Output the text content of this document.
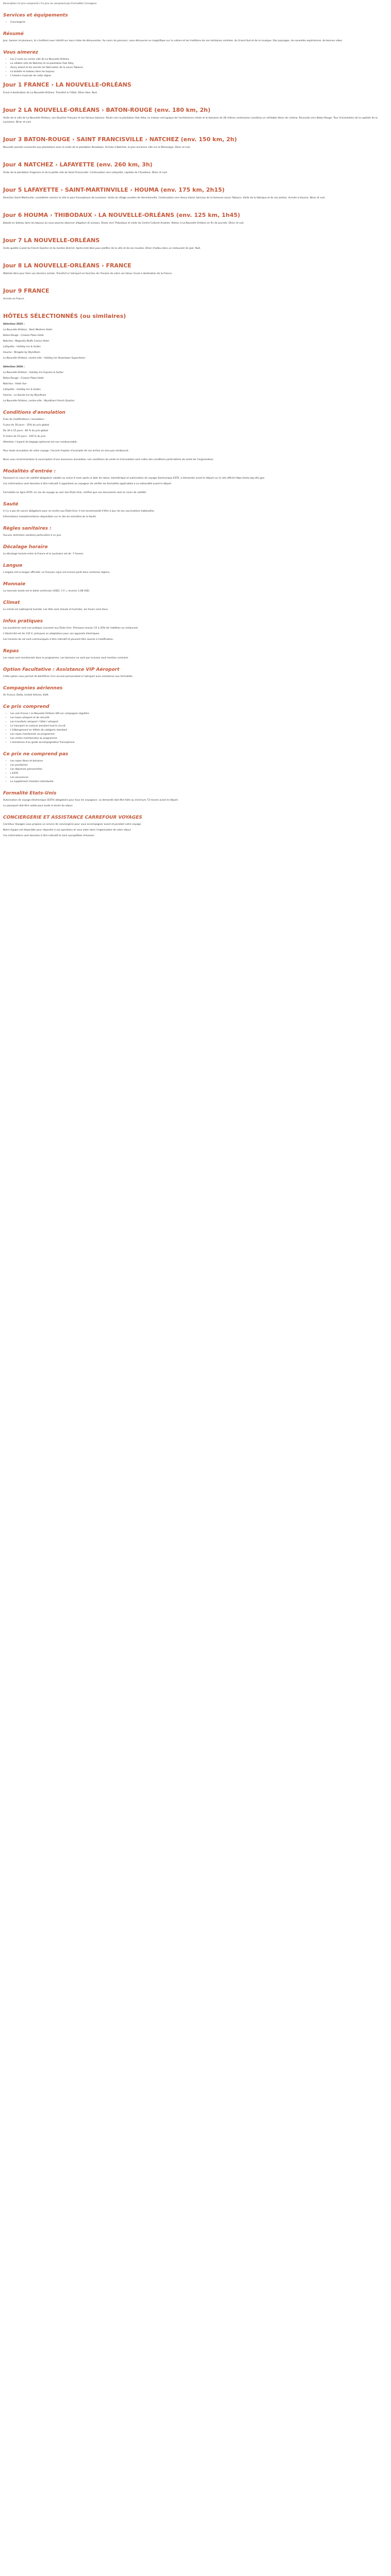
Description Ce prix comprend / Ce prix ne comprend pas Formalités Consignes
Services et équipements
• Conciergerie
Résumé
Jour, baisser et plusieurs, ils s'arrêtent avec intérêt sur leurs miles de découvertes. Au cours du parcours, vous découvrez un magnifique sur la culture et les traditions de ces lointaines contrées, du Grand Sud et de la musique. Des paysages, de nouvelles expériences, de bonnes vibes.
Vous aimerez
• Les 2 nuits au centre ville de La Nouvelle-Orléans
• La célèbre ville de Natchez et sa plantation Oak Alley
• Avery Island et les secrets de fabrication de la sauce Tabasco
• La balade en bateau dans les bayous
• L'histoire musicale de cette région
Jour 1 FRANCE › LA NOUVELLE-ORLÉANS
Envol à destination de La Nouvelle-Orléans. Transfert à l'hôtel. Dîner libre. Nuit.
Jour 2 LA NOUVELLE-ORLÉANS › BATON-ROUGE (env. 180 km, 2h)
Visite de la ville de La Nouvelle-Orléans, son Quartier Français et ses fameux balcons. Route vers la plantation Oak Alley. La maison est typique de l'architecture créole et le domaine de 28 chênes centenaires constitue un véritable décor de cinéma. Poursuite vers Baton-Rouge. Tour d'orientation de la capitale de la Louisiane. Dîner et nuit.
Jour 3 BATON-ROUGE › SAINT FRANCISVILLE › NATCHEZ (env. 150 km, 2h)
Nouvelle journée consacrée aux plantations avec la visite de la plantation Rosedown. Arrivée à Natchez, la plus ancienne ville sur le Mississippi. Dîner et nuit.
Jour 4 NATCHEZ › LAFAYETTE (env. 260 km, 3h)
Visite de la plantation Frogmore et de la petite ville de Saint Francisville. Continuation vers Lafayette, capitale de l'Acadiana. Dîner et nuit.
Jour 5 LAFAYETTE › SAINT-MARTINVILLE › HOUMA (env. 175 km, 2h15)
Direction Saint-Martinville, considérée comme la ville la plus francophone de Louisiane. Visite du village acadien de Vermilionville. Continuation vers Avery Island, berceau de la fameuse sauce Tabasco. Visite de la fabrique et de ses jardins. Arrivée à Houma. Dîner et nuit.
Jour 6 HOUMA › THIBODAUX › LA NOUVELLE-ORLÉANS (env. 125 km, 1h45)
Balade en bateau dans les bayous où vous pourrez observer alligators et oiseaux. Route vers Thibodaux et visite du Centre Culturel Acadien. Retour à La Nouvelle-Orléans en fin de journée. Dîner et nuit.
Jour 7 LA NOUVELLE-ORLÉANS
Visite guidée à pied du French Quarter et du Garden District. Après-midi libre pour profiter de la ville et de ses musées. Dîner d'adieu dans un restaurant de jazz. Nuit.
Jour 8 LA NOUVELLE-ORLÉANS › FRANCE
Matinée libre pour faire vos derniers achats. Transfert à l'aéroport en fonction de l'horaire de votre vol retour. Envol à destination de la France.
Jour 9 FRANCE
Arrivée en France.
HÔTELS SÉLECTIONNÉS (ou similaires)
Sélection 2025 :
La Nouvelle-Orléans : Best Western Hotel
Baton-Rouge : Crowne Plaza Hotel
Natchez : Magnolia Bluffs Casino Hotel
Lafayette : Holiday Inn & Suites
Houma : Wingate by Wyndham
La Nouvelle-Orléans, centre-ville : Holiday Inn Downtown Superdome
Sélection 2026 :
La Nouvelle-Orléans : Holiday Inn Express & Suites
Baton-Rouge : Crowne Plaza Hotel
Natchez : Hotel Vue
Lafayette : Holiday Inn & Suites
Houma : La Quinta Inn by Wyndham
La Nouvelle-Orléans, centre-ville : Wyndham French Quarter
Conditions d'annulation
Frais de modifications / annulation :
À plus de 30 jours : 35% du prix global
De 30 à 15 jours : 60 % du prix global
À moins de 15 jours : 100 % du prix
Attention, l'aspect de bagage optionnel est non remboursable.
Pour toute annulation de votre voyage, l'accord d'option d'acompte de vos arrhes ne sera pas remboursé.
Nous vous recommandons la souscription d'une assurance annulation. Les conditions de vente et d'annulation sont celles des conditions particulières de vente de l'organisateur.
Modalités d'entrée :
Passeport en cours de validité obligatoire valable au moins 6 mois après la date de retour, biométrique et autorisation de voyage électronique ESTA, à demander avant le départ sur le site officiel https://esta.cbp.dhs.gov.
Ces informations sont données à titre indicatif. Il appartient au voyageur de vérifier les formalités applicables à sa nationalité avant le départ.
Formalités en ligne ESTA: en cas de voyage au sein des États-Unis, vérifiez que vos documents sont en cours de validité.
Sauté
Il n'y a pas de vaccin obligatoire pour se rendre aux États-Unis. Il est recommandé d'être à jour de ses vaccinations habituelles.
Informations complémentaires disponibles sur le site du ministère de la Santé.
Règles sanitaires :
Aucune restriction sanitaire particulière à ce jour.
Décalage horaire
Le décalage horaire entre la France et la Louisiane est de -7 heures.
Langue
L'anglais est la langue officielle. Le français cajun est encore parlé dans certaines régions.
Monnaie
La monnaie locale est le dollar américain (USD). 1 € = environ 1,08 USD.
Climat
Le climat est subtropical humide. Les étés sont chauds et humides, les hivers sont doux.
Infos pratiques
Les pourboires sont une pratique courante aux États-Unis. Prévoyez environ 15 à 20% de l'addition au restaurant.
L'électricité est de 110 V, prévoyez un adaptateur pour vos appareils électriques.
Les horaires de vol sont communiqués à titre indicatif et peuvent être soumis à modification.
Repas
Les repas sont mentionnés dans le programme. Les boissons ne sont pas incluses sauf mention contraire.
Option Facultative : Assistance VIP Aéroport
Cette option vous permet de bénéficier d'un accueil personnalisé à l'aéroport avec assistance aux formalités.
Compagnies aériennes
Air France, Delta, United Airlines, KLM.
Ce prix comprend
• Les vols France / La Nouvelle-Orléans A/R sur compagnie régulière
• Les taxes aéroport et de sécurité
• Les transferts aéroport / hôtel / aéroport
• Le transport en autocar pendant tout le circuit
• L'hébergement en hôtels de catégorie standard
• Les repas mentionnés au programme
• Les visites mentionnées au programme
• L'assistance d'un guide accompagnateur francophone
Ce prix ne comprend pas
• Les repas libres et boissons
• Les pourboires
• Les dépenses personnelles
• L'ESTA
• Les assurances
• Le supplément chambre individuelle
Formalité Etats-Unis
Autorisation de voyage électronique (ESTA) obligatoire pour tous les voyageurs. La demande doit être faite au minimum 72 heures avant le départ.
Le passeport doit être valide pour toute la durée du séjour.
CONCIERGERIE ET ASSISTANCE CARREFOUR VOYAGES
Carrefour Voyages vous propose un service de conciergerie pour vous accompagner avant et pendant votre voyage.
Notre équipe est disponible pour répondre à vos questions et vous aider dans l'organisation de votre séjour.
Ces informations sont données à titre indicatif et sont susceptibles d'évoluer.
